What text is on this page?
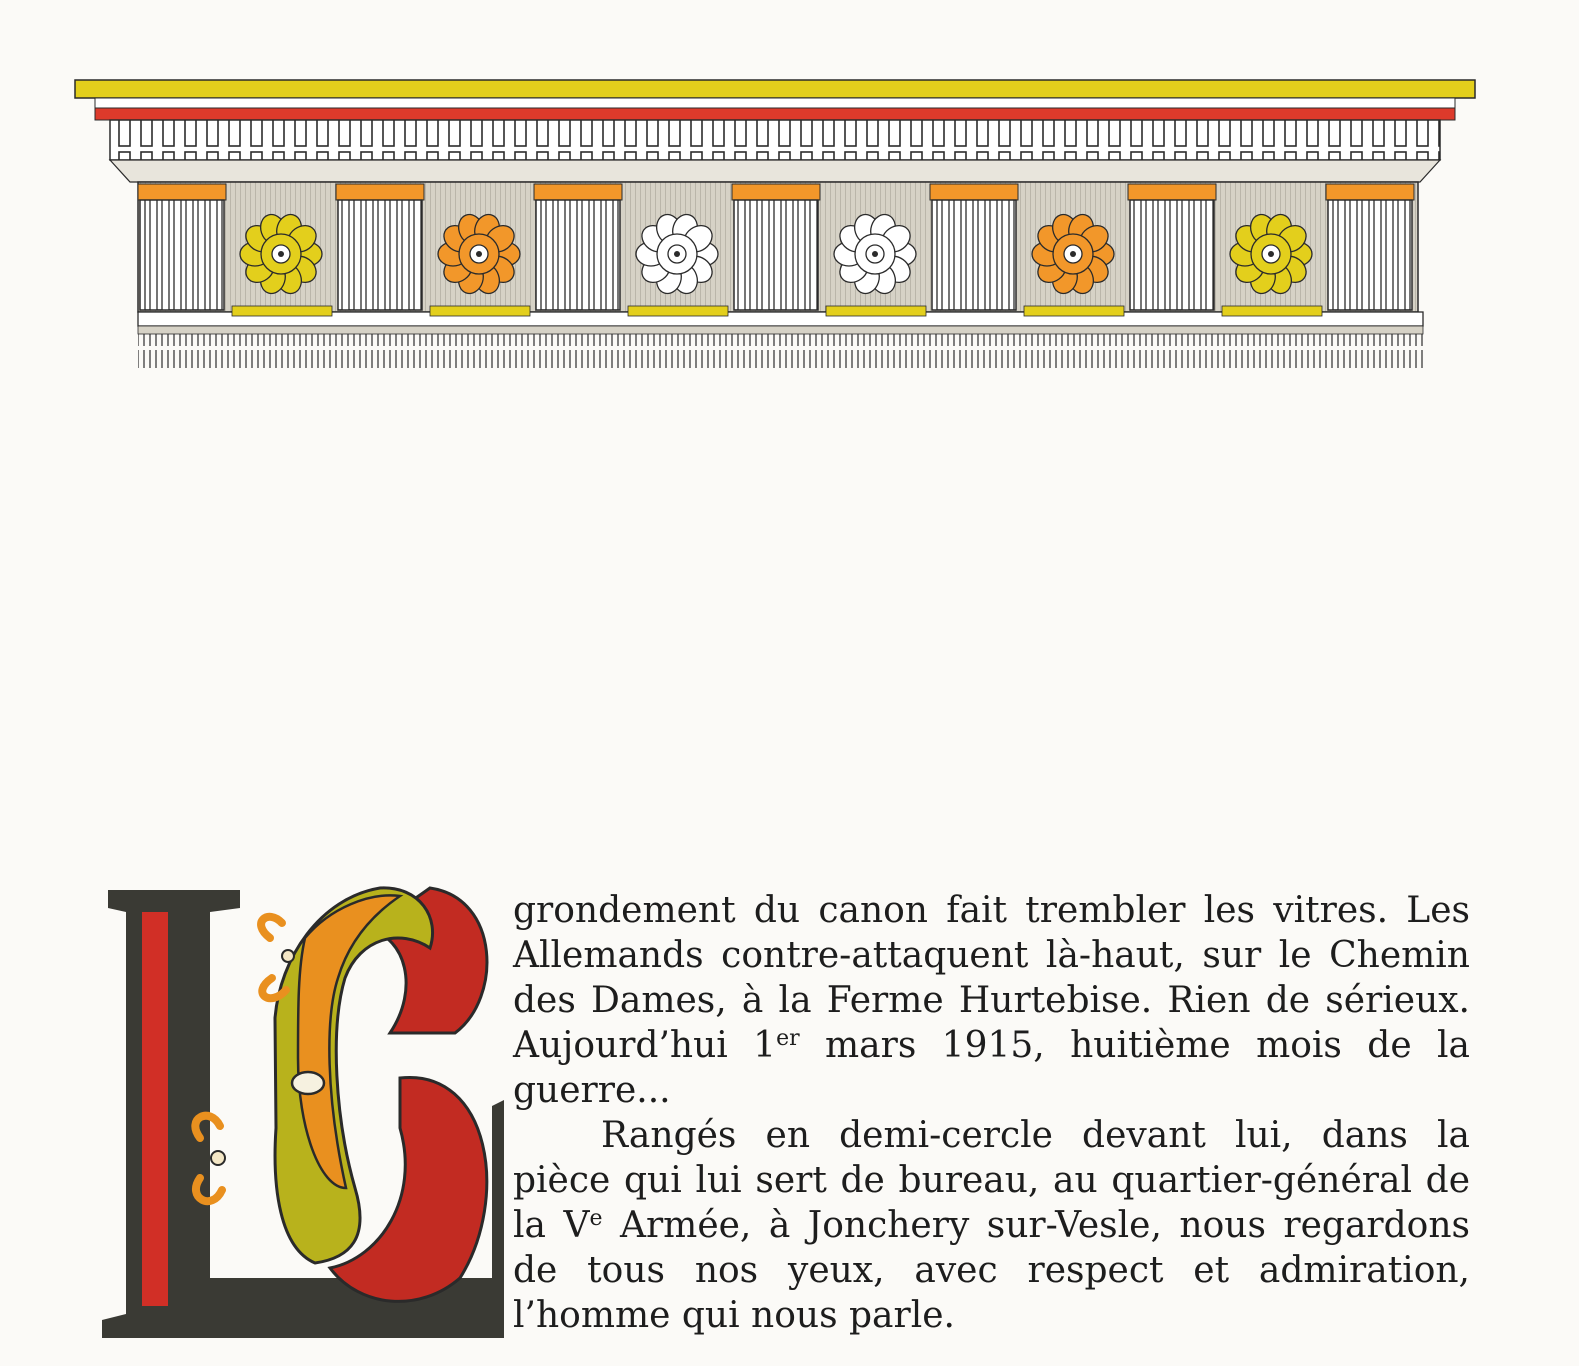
grondement du canon fait trembler les vitres. Les Allemands contre-attaquent là-haut, sur le Chemin des Dames, à la Ferme Hurtebise. Rien de sérieux. Aujourd’hui 1er mars 1915, huitième mois de la guerre...

Rangés en demi-cercle devant lui, dans la pièce qui lui sert de bureau, au quartier-général de la Ve Armée, à Jonchery sur-Vesle, nous regardons de tous nos yeux, avec respect et admiration, l’homme qui nous parle.
